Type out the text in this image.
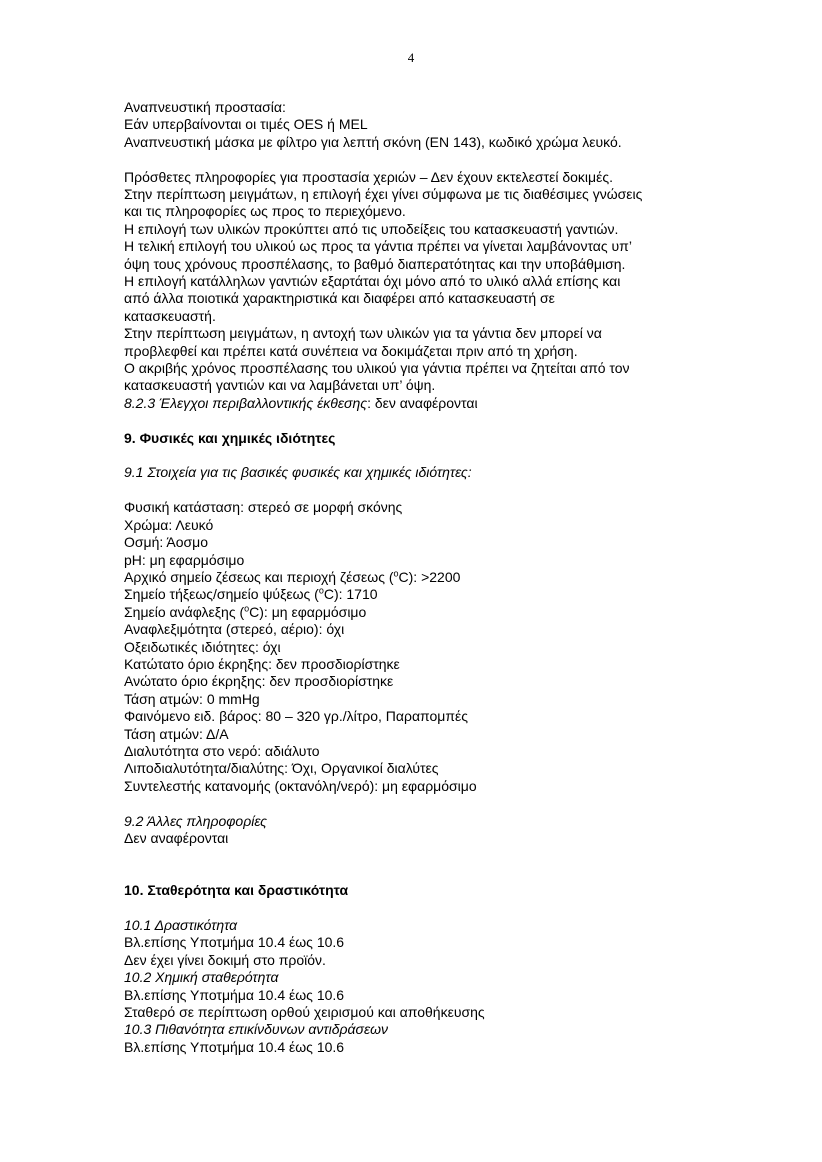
4

Αναπνευστική προστασία:

Εάν υπερβαίνονται οι τιμές OES ή MEL

Αναπνευστική μάσκα με φίλτρο για λεπτή σκόνη (EN 143), κωδικό χρώμα λευκό.

Πρόσθετες πληροφορίες για προστασία χεριών – Δεν έχουν εκτελεστεί δοκιμές.

Στην περίπτωση μειγμάτων, η επιλογή έχει γίνει σύμφωνα με τις διαθέσιμες γνώσεις

και τις πληροφορίες ως προς το περιεχόμενο.

Η επιλογή των υλικών προκύπτει από τις υποδείξεις του κατασκευαστή γαντιών.

Η τελική επιλογή του υλικού ως προς τα γάντια πρέπει να γίνεται λαμβάνοντας υπ’

όψη τους χρόνους προσπέλασης, το βαθμό διαπερατότητας και την υποβάθμιση.

Η επιλογή κατάλληλων γαντιών εξαρτάται όχι μόνο από το υλικό αλλά επίσης και

από άλλα ποιοτικά χαρακτηριστικά και διαφέρει από κατασκευαστή σε

κατασκευαστή.

Στην περίπτωση μειγμάτων, η αντοχή των υλικών για τα γάντια δεν μπορεί να

προβλεφθεί και πρέπει κατά συνέπεια να δοκιμάζεται πριν από τη χρήση.

Ο ακριβής χρόνος προσπέλασης του υλικού για γάντια πρέπει να ζητείται από τον

κατασκευαστή γαντιών και να λαμβάνεται υπ’ όψη.

8.2.3 Έλεγχοι περιβαλλοντικής έκθεσης: δεν αναφέρονται

9. Φυσικές και χημικές ιδιότητες

9.1 Στοιχεία για τις βασικές φυσικές και χημικές ιδιότητες:

Φυσική κατάσταση: στερεό σε μορφή σκόνης

Χρώμα: Λευκό

Οσμή: Άοσμο

pH: μη εφαρμόσιμο

Αρχικό σημείο ζέσεως και περιοχή ζέσεως ($^o$C): >2200

Σημείο τήξεως/σημείο ψύξεως ($^o$C): 1710

Σημείο ανάφλεξης ($^o$C): μη εφαρμόσιμο

Αναφλεξιμότητα (στερεό, αέριο): όχι

Οξειδωτικές ιδιότητες: όχι

Κατώτατο όριο έκρηξης: δεν προσδιορίστηκε

Ανώτατο όριο έκρηξης: δεν προσδιορίστηκε

Τάση ατμών: 0 mmHg

Φαινόμενο ειδ. βάρος: 80 – 320 γρ./λίτρο, Παραπομπές

Τάση ατμών: Δ/Α

Διαλυτότητα στο νερό: αδιάλυτο

Λιποδιαλυτότητα/διαλύτης: Όχι, Οργανικοί διαλύτες

Συντελεστής κατανομής (οκτανόλη/νερό): μη εφαρμόσιμο

9.2 Άλλες πληροφορίες

Δεν αναφέρονται

10. Σταθερότητα και δραστικότητα

10.1 Δραστικότητα

Βλ.επίσης Υποτμήμα 10.4 έως 10.6

Δεν έχει γίνει δοκιμή στο προϊόν.

10.2 Χημική σταθερότητα

Βλ.επίσης Υποτμήμα 10.4 έως 10.6

Σταθερό σε περίπτωση ορθού χειρισμού και αποθήκευσης

10.3 Πιθανότητα επικίνδυνων αντιδράσεων

Βλ.επίσης Υποτμήμα 10.4 έως 10.6
